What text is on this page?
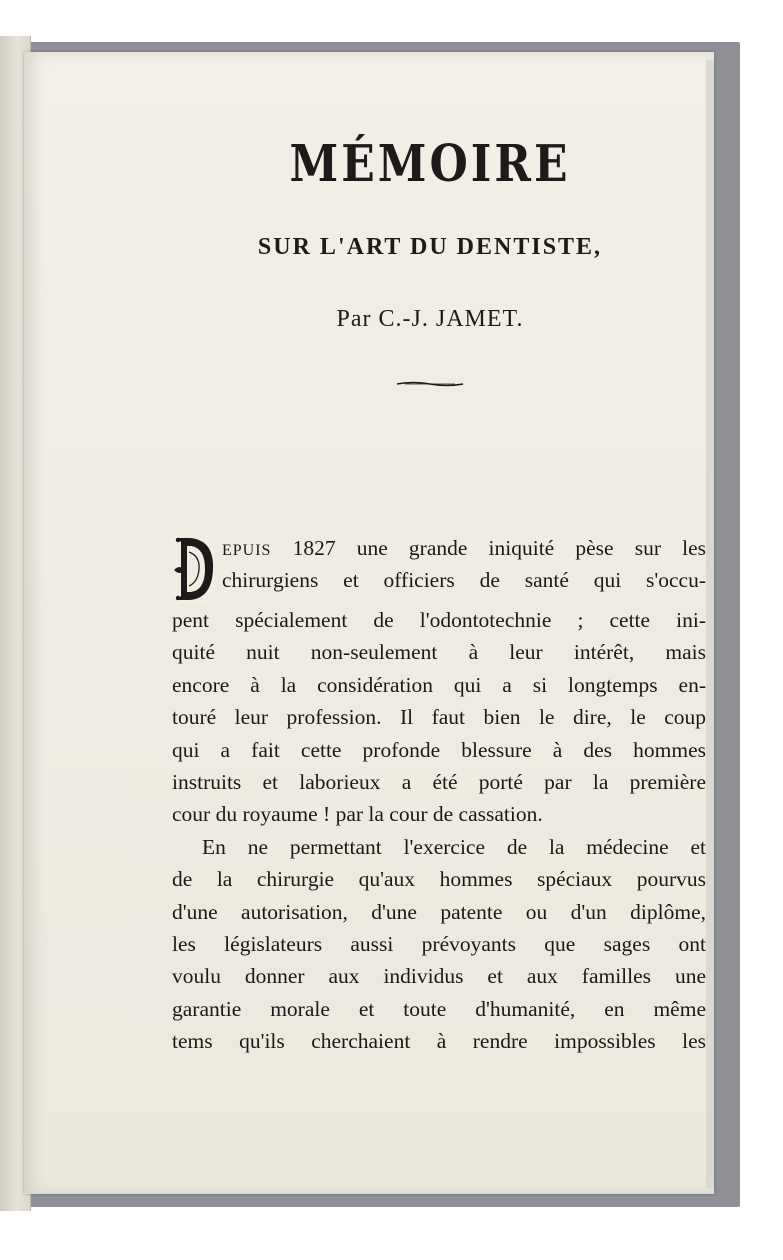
MÉMOIRE
SUR L'ART DU DENTISTE,
Par C.-J. JAMET.
EPUIS 1827 une grande iniquité pèse sur les
chirurgiens et officiers de santé qui s'occu-
pent spécialement de l'odontotechnie ; cette ini-
quité nuit non-seulement à leur intérêt, mais
encore à la considération qui a si longtemps en-
touré leur profession. Il faut bien le dire, le coup
qui a fait cette profonde blessure à des hommes
instruits et laborieux a été porté par la première
cour du royaume ! par la cour de cassation.
En ne permettant l'exercice de la médecine et
de la chirurgie qu'aux hommes spéciaux pourvus
d'une autorisation, d'une patente ou d'un diplôme,
les législateurs aussi prévoyants que sages ont
voulu donner aux individus et aux familles une
garantie morale et toute d'humanité, en même
tems qu'ils cherchaient à rendre impossibles les
